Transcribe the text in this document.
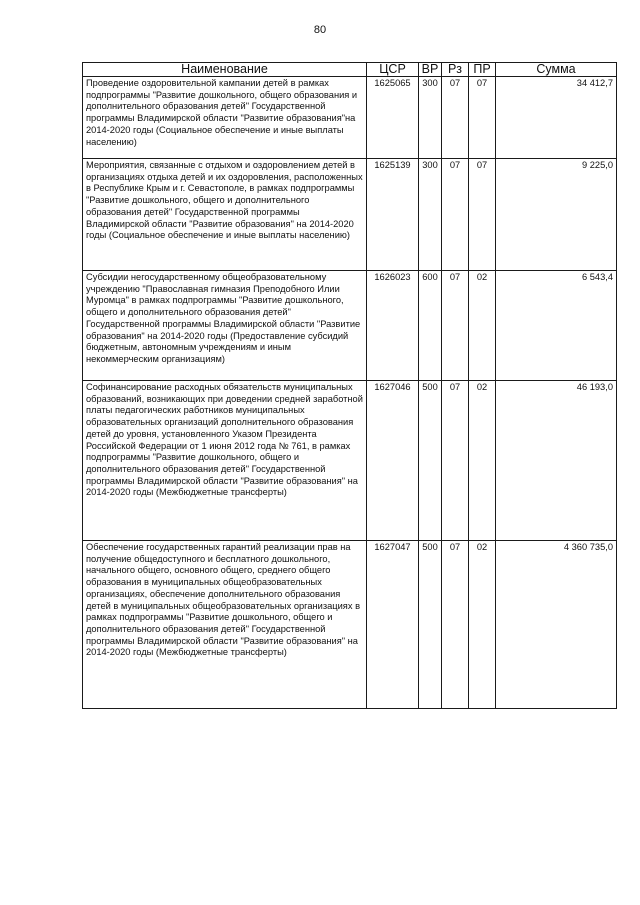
80
Наименование	ЦСР	ВР	Рз	ПР	Сумма
Проведение оздоровительной кампании детей в рамках подпрограммы "Развитие дошкольного, общего образования и дополнительного образования детей" Государственной программы Владимирской области "Развитие образования"на 2014-2020 годы (Социальное обеспечение и иные выплаты населению)	1625065	300	07	07	34 412,7
Мероприятия, связанные с отдыхом и оздоровлением детей в организациях отдыха детей и их оздоровления, расположенных в Республике Крым и г. Севастополе, в рамках подпрограммы "Развитие дошкольного, общего и дополнительного образования детей" Государственной программы Владимирской области "Развитие образования" на 2014-2020 годы (Социальное обеспечение и иные выплаты населению)	1625139	300	07	07	9 225,0
Субсидии негосударственному общеобразовательному учреждению "Православная гимназия Преподобного Илии Муромца" в рамках подпрограммы "Развитие дошкольного, общего и дополнительного образования детей" Государственной программы Владимирской области "Развитие образования" на 2014-2020 годы (Предоставление субсидий бюджетным, автономным учреждениям и иным некоммерческим организациям)	1626023	600	07	02	6 543,4
Софинансирование расходных обязательств муниципальных образований, возникающих при доведении средней заработной платы педагогических работников муниципальных образовательных организаций дополнительного образования детей до уровня, установленного Указом Президента Российской Федерации от 1 июня 2012 года № 761, в рамках подпрограммы "Развитие дошкольного, общего и дополнительного образования детей" Государственной программы Владимирской области "Развитие образования" на 2014-2020 годы (Межбюджетные трансферты)	1627046	500	07	02	46 193,0
Обеспечение государственных гарантий реализации прав на получение общедоступного и бесплатного дошкольного, начального общего, основного общего, среднего общего образования в муниципальных общеобразовательных организациях, обеспечение дополнительного образования детей в муниципальных общеобразовательных организациях в рамках подпрограммы "Развитие дошкольного, общего и дополнительного образования детей" Государственной программы Владимирской области "Развитие образования" на 2014-2020 годы (Межбюджетные трансферты)	1627047	500	07	02	4 360 735,0
